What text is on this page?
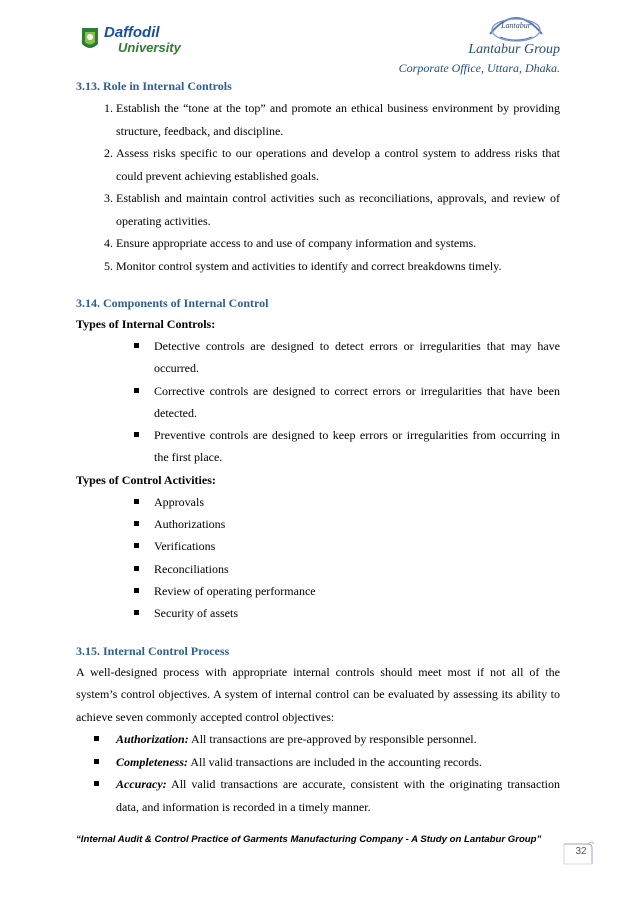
Daffodil
University
Lantabur
Lantabur Group
Corporate Office, Uttara, Dhaka.
3.13. Role in Internal Controls
1. Establish the “tone at the top” and promote an ethical business environment by providing structure, feedback, and discipline.
2. Assess risks specific to our operations and develop a control system to address risks that could prevent achieving established goals.
3. Establish and maintain control activities such as reconciliations, approvals, and review of operating activities.
4. Ensure appropriate access to and use of company information and systems.
5. Monitor control system and activities to identify and correct breakdowns timely.
3.14. Components of Internal Control
Types of Internal Controls:
Detective controls are designed to detect errors or irregularities that may have occurred.
Corrective controls are designed to correct errors or irregularities that have been detected.
Preventive controls are designed to keep errors or irregularities from occurring in the first place.
Types of Control Activities:
Approvals
Authorizations
Verifications
Reconciliations
Review of operating performance
Security of assets
3.15. Internal Control Process

A well-designed process with appropriate internal controls should meet most if not all of the system’s control objectives. A system of internal control can be evaluated by assessing its ability to achieve seven commonly accepted control objectives:

Authorization: All transactions are pre-approved by responsible personnel.
Completeness: All valid transactions are included in the accounting records.
Accuracy: All valid transactions are accurate, consistent with the originating transaction data, and information is recorded in a timely manner.
“Internal Audit & Control Practice of Garments Manufacturing Company - A Study on Lantabur Group”
32
